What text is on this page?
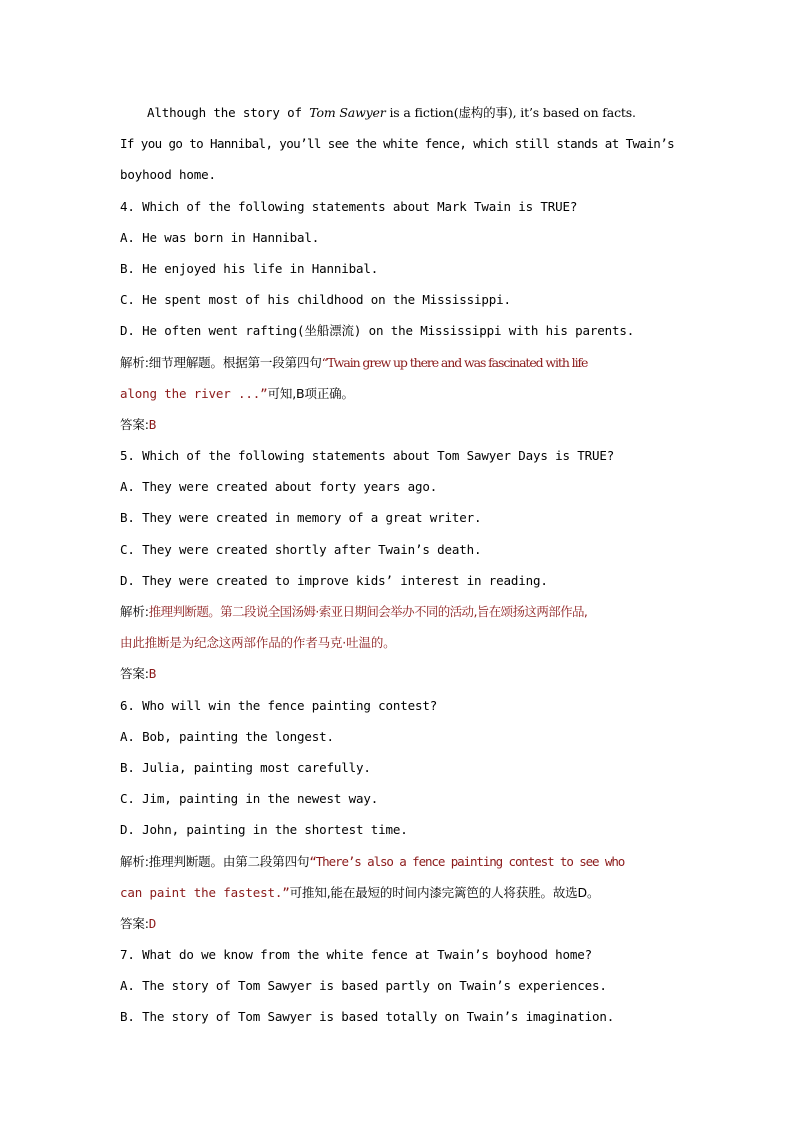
Although the story of Tom Sawyer is a fiction(虚构的事), it’s based on facts.
If you go to Hannibal, you’ll see the white fence, which still stands at Twain’s
boyhood home.
4. Which of the following statements about Mark Twain is TRUE?
A. He was born in Hannibal.
B. He enjoyed his life in Hannibal.
C. He spent most of his childhood on the Mississippi.
D. He often went rafting(坐船漂流) on the Mississippi with his parents.
解析:细节理解题。根据第一段第四句“Twain grew up there and was fascinated with life
along the river ...”可知,B项正确。
答案:B
5. Which of the following statements about Tom Sawyer Days is TRUE?
A. They were created about forty years ago.
B. They were created in memory of a great writer.
C. They were created shortly after Twain’s death.
D. They were created to improve kids’ interest in reading.
解析:推理判断题。第二段说全国汤姆·索亚日期间会举办不同的活动,旨在颂扬这两部作品,
由此推断是为纪念这两部作品的作者马克·吐温的。
答案:B
6. Who will win the fence painting contest?
A. Bob, painting the longest.
B. Julia, painting most carefully.
C. Jim, painting in the newest way.
D. John, painting in the shortest time.
解析:推理判断题。由第二段第四句“There’s also a fence painting contest to see who
can paint the fastest.”可推知,能在最短的时间内漆完篱笆的人将获胜。故选D。
答案:D
7. What do we know from the white fence at Twain’s boyhood home?
A. The story of Tom Sawyer is based partly on Twain’s experiences.
B. The story of Tom Sawyer is based totally on Twain’s imagination.
